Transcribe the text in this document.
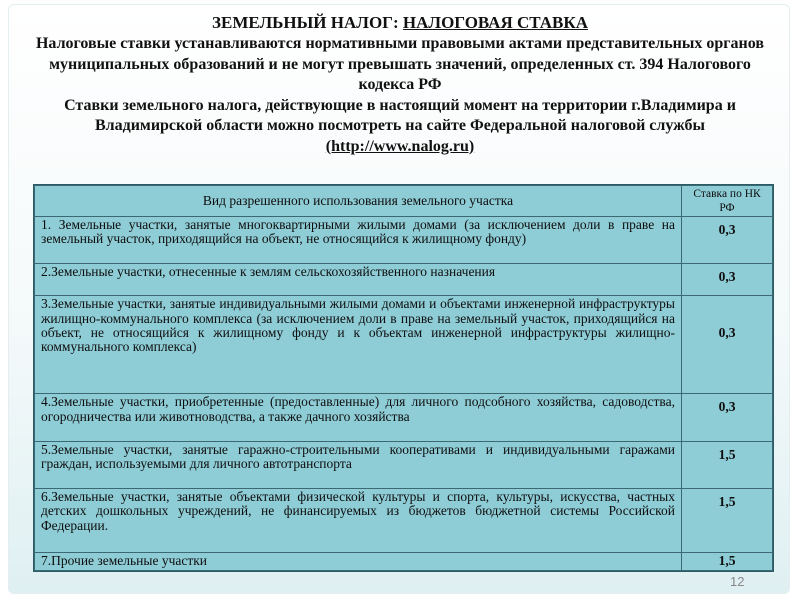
ЗЕМЕЛЬНЫЙ НАЛОГ: НАЛОГОВАЯ СТАВКА
Налоговые ставки устанавливаются нормативными правовыми актами представительных органов муниципальных образований и не могут превышать значений, определенных ст. 394 Налогового кодекса РФ
Ставки земельного налога, действующие в настоящий момент на территории г.Владимира и Владимирской области можно посмотреть на сайте Федеральной налоговой службы (http://www.nalog.ru)
Вид разрешенного использования земельного участка	Ставка по НК РФ
1. Земельные участки, занятые многоквартирными жилыми домами (за исключением доли в праве на земельный участок, приходящийся на объект, не относящийся к жилищному фонду)	0,3
2.Земельные участки, отнесенные к землям сельскохозяйственного назначения	0,3
3.Земельные участки, занятые индивидуальными жилыми домами и объектами инженерной инфраструктуры жилищно-коммунального комплекса (за исключением доли в праве на земельный участок, приходящийся на объект, не относящийся к жилищному фонду и к объектам инженерной инфраструктуры жилищно-коммунального комплекса)	0,3
4.Земельные участки, приобретенные (предоставленные) для личного подсобного хозяйства, садоводства, огородничества или животноводства, а также дачного хозяйства	0,3
5.Земельные участки, занятые гаражно-строительными кооперативами и индивидуальными гаражами граждан, используемыми для личного автотранспорта	1,5
6.Земельные участки, занятые объектами физической культуры и спорта, культуры, искусства, частных детских дошкольных учреждений, не финансируемых из бюджетов бюджетной системы Российской Федерации.	1,5
7.Прочие земельные участки	1,5
12
